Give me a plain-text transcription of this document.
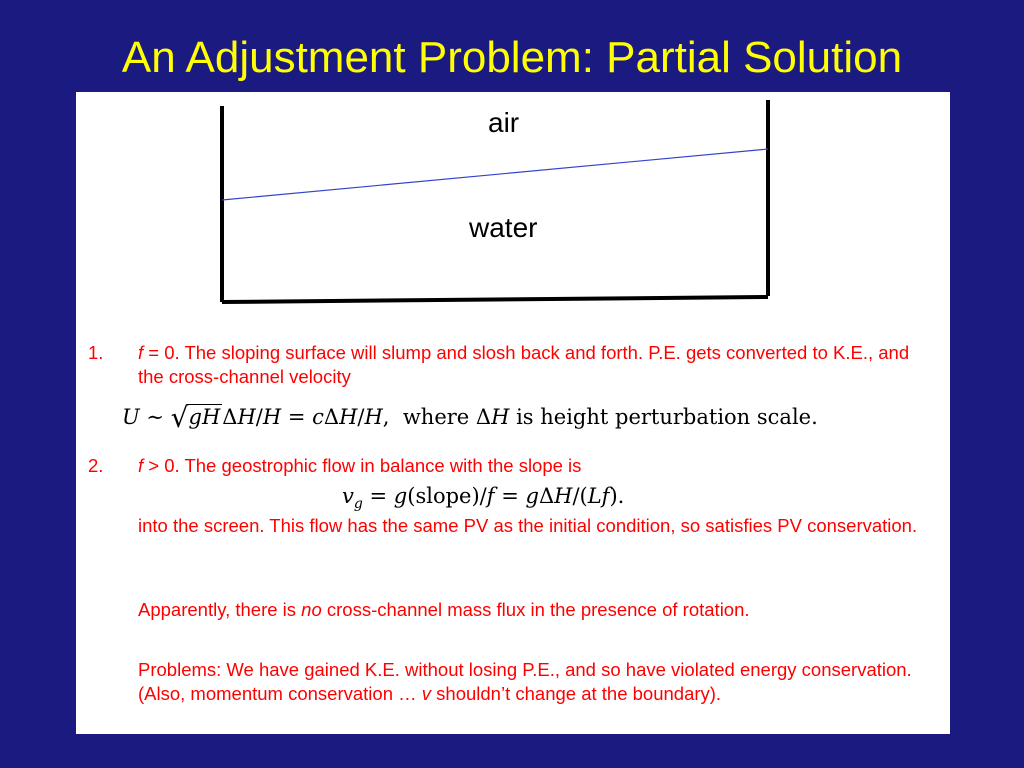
An Adjustment Problem: Partial Solution
air
water
1. f = 0. The sloping surface will slump and slosh back and forth. P.E. gets converted to K.E., and the cross-channel velocity
U ∼ √gHΔH/H = cΔH/H,  where ΔH is height perturbation scale.
2. f > 0. The geostrophic flow in balance with the slope is
$v_g$ = g(slope)/f = gΔH/(Lf).
into the screen. This flow has the same PV as the initial condition, so satisfies PV conservation.
Apparently, there is no cross-channel mass flux in the presence of rotation.
Problems: We have gained K.E. without losing P.E., and so have violated energy conservation. (Also, momentum conservation … v shouldn’t change at the boundary).
